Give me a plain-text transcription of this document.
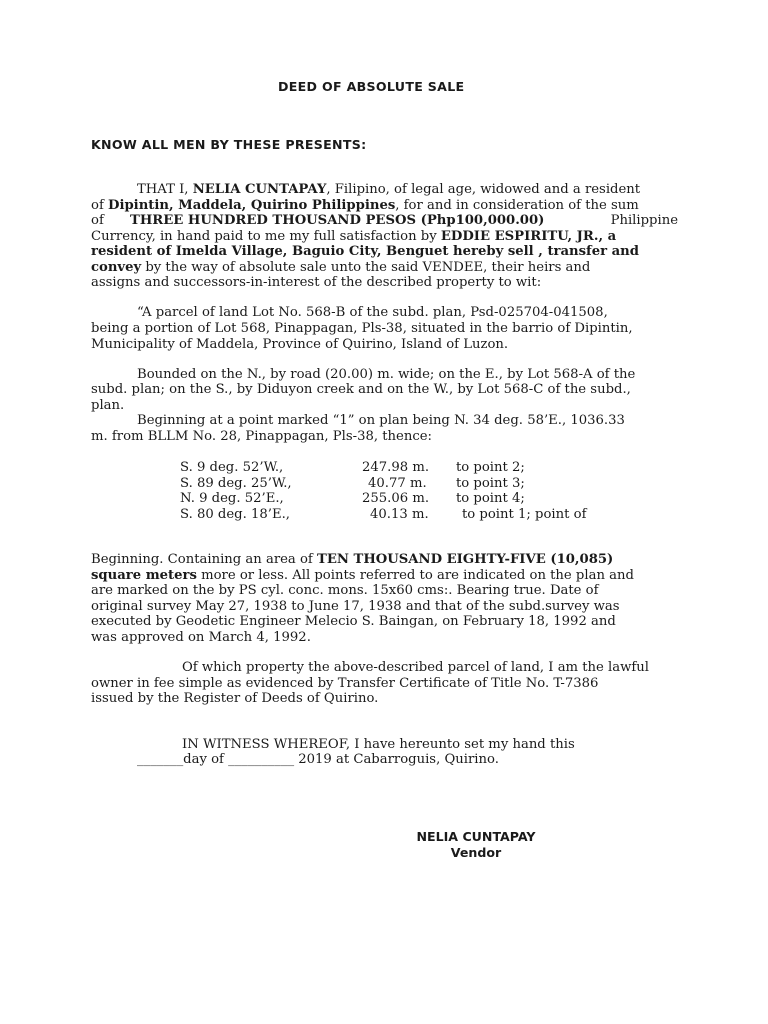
DEED OF ABSOLUTE SALE
KNOW ALL MEN BY THESE PRESENTS:
THAT I, NELIA CUNTAPAY, Filipino, of legal age, widowed and a resident
of Dipintin, Maddela, Quirino Philippines, for and in consideration of the sum
of THREE HUNDRED THOUSAND PESOS (Php100,000.00)	Philippine
Currency, in hand paid to me my full satisfaction by EDDIE ESPIRITU, JR., a
resident of Imelda Village, Baguio City, Benguet hereby sell , transfer and
convey by the way of absolute sale unto the said VENDEE, their heirs and
assigns and successors-in-interest of the described property to wit:
“A parcel of land Lot No. 568-B of the subd. plan, Psd-025704-041508,
being a portion of Lot 568, Pinappagan, Pls-38, situated in the barrio of Dipintin,
Municipality of Maddela, Province of Quirino, Island of Luzon.
Bounded on the N., by road (20.00) m. wide; on the E., by Lot 568-A of the
subd. plan; on the S., by Diduyon creek and on the W., by Lot 568-C of the subd.,
plan.
Beginning at a point marked “1” on plan being N. 34 deg. 58’E., 1036.33
m. from BLLM No. 28, Pinappagan, Pls-38, thence:
S. 9 deg. 52’W.,	247.98 m. to point 2;
S. 89 deg. 25’W.,	40.77 m. to point 3;
N. 9 deg. 52’E.,	255.06 m. to point 4;
S. 80 deg. 18’E.,	40.13 m.	to point 1; point of
Beginning. Containing an area of TEN THOUSAND EIGHTY-FIVE (10,085)
square meters more or less. All points referred to are indicated on the plan and
are marked on the by PS cyl. conc. mons. 15x60 cms:. Bearing true. Date of
original survey May 27, 1938 to June 17, 1938 and that of the subd.survey was
executed by Geodetic Engineer Melecio S. Baingan, on February 18, 1992 and
was approved on March 4, 1992.
Of which property the above-described parcel of land, I am the lawful
owner in fee simple as evidenced by Transfer Certificate of Title No. T-7386
issued by the Register of Deeds of Quirino.
IN WITNESS WHEREOF, I have hereunto set my hand this
_______day of __________ 2019 at Cabarroguis, Quirino.
NELIA CUNTAPAY
Vendor
